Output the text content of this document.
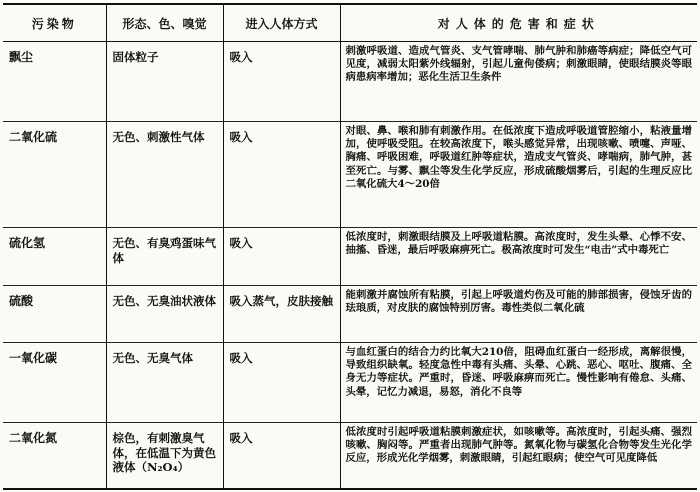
污染物	形态、色、嗅觉	进入人体方式	对人体的危害和症状
飘尘	固体粒子	吸入	刺激呼吸道、造成气管炎、支气管哮喘、肺气肿和肺癌等病症；降低空气可见度，减弱太阳紫外线辐射，引起儿童佝偻病；刺激眼睛，使眼结膜炎等眼病患病率增加；恶化生活卫生条件
二氧化硫	无色、刺激性气体	吸入	对眼、鼻、喉和肺有刺激作用。在低浓度下造成呼吸道管腔缩小，粘液量增加，使呼吸受阻。在较高浓度下，喉头感觉异常，出现咳嗽、喷嚏、声哑、胸痛、呼吸困难，呼吸道红肿等症状，造成支气管炎、哮喘病，肺气肿，甚至死亡。与雾、飘尘等发生化学反应，形成硫酸烟雾后，引起的生理反应比二氧化硫大4～20倍
硫化氢	无色、有臭鸡蛋味气体	吸入	低浓度时，刺激眼结膜及上呼吸道粘膜。高浓度时，发生头晕、心悸不安、抽搐、昏迷，最后呼吸麻痹死亡。极高浓度时可发生“电击”式中毒死亡
硫酸	无色、无臭油状液体	吸入蒸气，皮肤接触	能刺激并腐蚀所有粘膜，引起上呼吸道灼伤及可能的肺部损害，侵蚀牙齿的珐琅质，对皮肤的腐蚀特别厉害。毒性类似二氧化硫
一氧化碳	无色、无臭气体	吸入	与血红蛋白的结合力约比氧大210倍，阻碍血红蛋白一经形成，离解很慢，导致组织缺氧。轻度急性中毒有头痛、头晕、心跳、恶心、呕吐、腹痛、全身无力等症状。严重时，昏迷、呼吸麻痹而死亡。慢性影响有倦怠、头痛、头晕，记忆力减退，易怒，消化不良等
二氧化氮	棕色，有刺激臭气体，在低温下为黄色液体（N₂O₄）	吸入	低浓度时引起呼吸道粘膜刺激症状，如咳嗽等。高浓度时，引起头痛、强烈咳嗽、胸闷等。严重者出现肺气肿等。氮氧化物与碳氢化合物等发生光化学反应，形成光化学烟雾，刺激眼睛，引起红眼病；使空气可见度降低
